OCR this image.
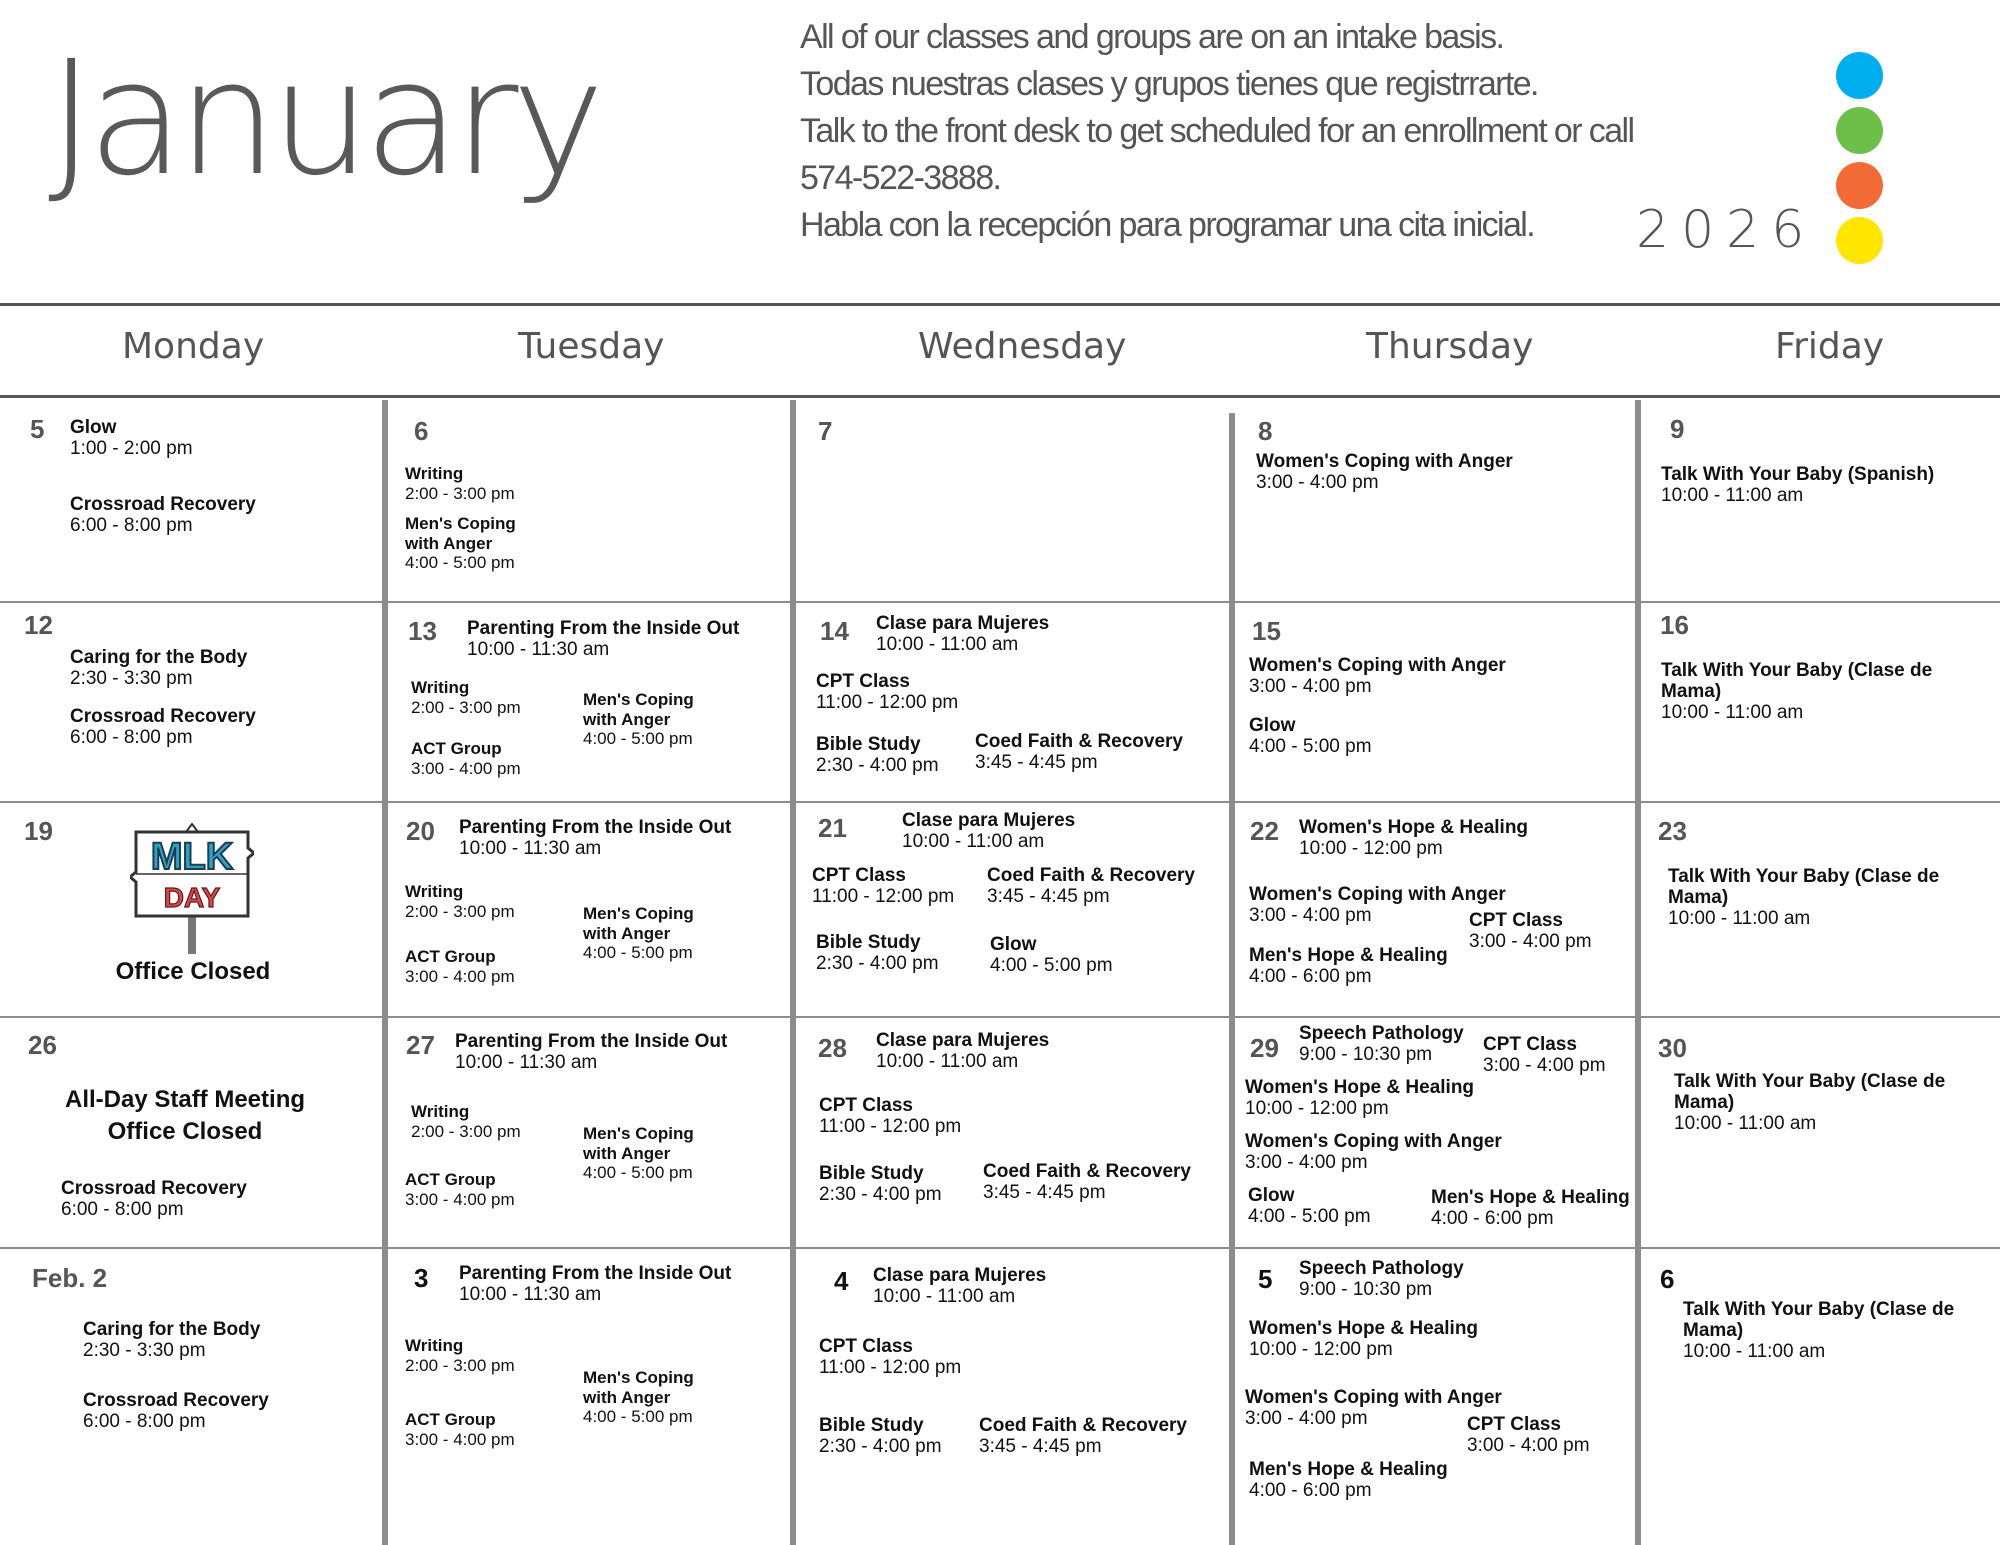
January	All of our classes and groups are on an intake basis.
Todas nuestras clases y grupos tienes que registrrarte.
Talk to the front desk to get scheduled for an enrollment or call
574-522-3888.
Habla con la recepción para programar una cita inicial.	2026
Monday	Tuesday	Wednesday	Thursday	Friday
5 Glow
1:00 - 2:00 pm
Crossroad Recovery
6:00 - 8:00 pm
6
Writing
2:00 - 3:00 pm
Men's Coping
with Anger
4:00 - 5:00 pm
7	8
Women's Coping with Anger
3:00 - 4:00 pm
9
Talk With Your Baby (Spanish)
10:00 - 11:00 am
12
Caring for the Body
2:30 - 3:30 pm
Crossroad Recovery
6:00 - 8:00 pm
13 Parenting From the Inside Out
10:00 - 11:30 am
Writing
2:00 - 3:00 pm	Men's Coping
with Anger
4:00 - 5:00 pm
ACT Group
3:00 - 4:00 pm
14 Clase para Mujeres
10:00 - 11:00 am
CPT Class
11:00 - 12:00 pm
Bible Study
2:30 - 4:00 pm
Coed Faith & Recovery
3:45 - 4:45 pm
15
Women's Coping with Anger
3:00 - 4:00 pm
Glow
4:00 - 5:00 pm
16
Talk With Your Baby (Clase de Mama)
10:00 - 11:00 am
19
MLK
DAY
Office Closed
20 Parenting From the Inside Out
10:00 - 11:30 am
Writing
2:00 - 3:00 pm	Men's Coping
with Anger
4:00 - 5:00 pm
ACT Group
3:00 - 4:00 pm
21	Clase para Mujeres
10:00 - 11:00 am
CPT Class
11:00 - 12:00 pm
Coed Faith & Recovery
3:45 - 4:45 pm
Bible Study
2:30 - 4:00 pm
Glow
4:00 - 5:00 pm
22 Women's Hope & Healing
10:00 - 12:00 pm
Women's Coping with Anger
3:00 - 4:00 pm	CPT Class
3:00 - 4:00 pm
Men's Hope & Healing
4:00 - 6:00 pm
23
Talk With Your Baby (Clase de Mama)
10:00 - 11:00 am
26
All-Day Staff Meeting
Office Closed
Crossroad Recovery
6:00 - 8:00 pm
27 Parenting From the Inside Out
10:00 - 11:30 am
Writing
2:00 - 3:00 pm	Men's Coping
with Anger
4:00 - 5:00 pm
ACT Group
3:00 - 4:00 pm
28 Clase para Mujeres
10:00 - 11:00 am
CPT Class
11:00 - 12:00 pm
Bible Study
2:30 - 4:00 pm
Coed Faith & Recovery
3:45 - 4:45 pm
29 Speech Pathology
9:00 - 10:30 pm	CPT Class
3:00 - 4:00 pm
Women's Hope & Healing
10:00 - 12:00 pm
Women's Coping with Anger
3:00 - 4:00 pm
Glow
4:00 - 5:00 pm
Men's Hope & Healing
4:00 - 6:00 pm
30
Talk With Your Baby (Clase de Mama)
10:00 - 11:00 am
Feb. 2
Caring for the Body
2:30 - 3:30 pm
Crossroad Recovery
6:00 - 8:00 pm
3 Parenting From the Inside Out
10:00 - 11:30 am
Writing
2:00 - 3:00 pm
Men's Coping
with Anger
4:00 - 5:00 pm
ACT Group
3:00 - 4:00 pm
4 Clase para Mujeres
10:00 - 11:00 am
CPT Class
11:00 - 12:00 pm
Bible Study
2:30 - 4:00 pm
Coed Faith & Recovery
3:45 - 4:45 pm
5 Speech Pathology
9:00 - 10:30 pm
Women's Hope & Healing
10:00 - 12:00 pm
Women's Coping with Anger
3:00 - 4:00 pm	CPT Class
3:00 - 4:00 pm
Men's Hope & Healing
4:00 - 6:00 pm
6
Talk With Your Baby (Clase de Mama)
10:00 - 11:00 am
